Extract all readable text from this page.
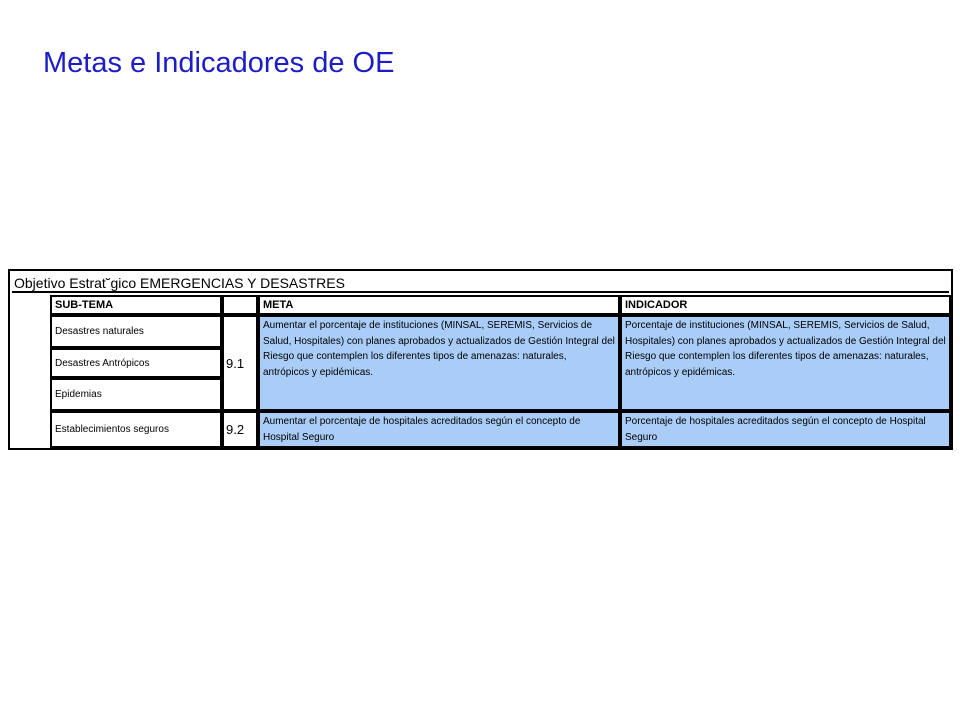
Metas e Indicadores de OE
Objetivo Estrat˘gico EMERGENCIAS Y DESASTRES
SUB-TEMA	META	INDICADOR
Desastres naturales
Desastres Antrópicos
Epidemias
Establecimientos seguros
9.1

Aumentar el porcentaje de instituciones (MINSAL, SEREMIS, Servicios de Salud, Hospitales) con planes aprobados y actualizados de Gestión Integral del Riesgo que contemplen los diferentes tipos de amenazas: naturales, antrópicos y epidémicas.

Porcentaje de instituciones (MINSAL, SEREMIS, Servicios de Salud, Hospitales) con planes aprobados y actualizados de Gestión Integral del Riesgo que contemplen los diferentes tipos de amenazas: naturales, antrópicos y epidémicas.

9.2

Aumentar el porcentaje de hospitales acreditados según el concepto de Hospital Seguro

Porcentaje de hospitales acreditados según el concepto de Hospital Seguro
